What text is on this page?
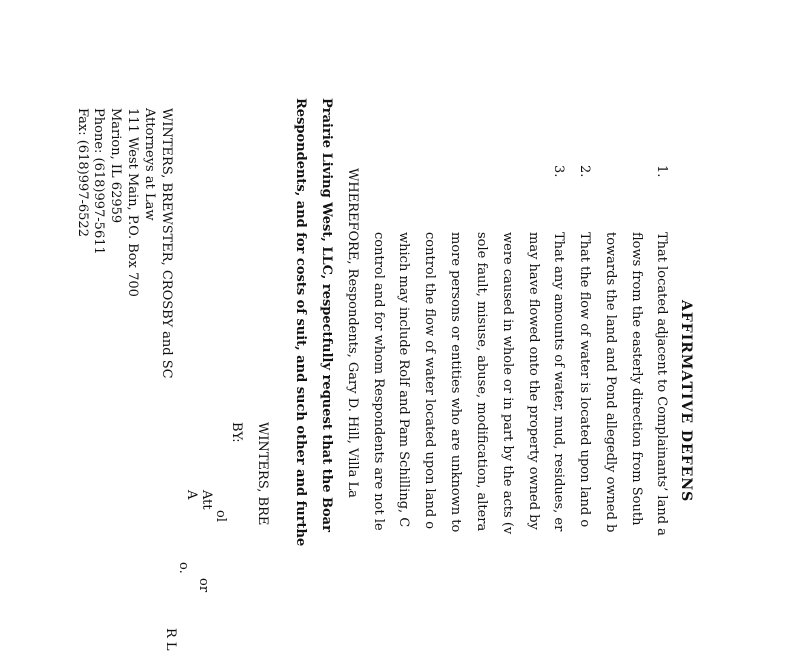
AFFIRMATIVE DEFENS
1.
That located adjacent to Complainants’ land a
flows from the easterly direction from South
towards the land and Pond allegedly owned b
2.
That the flow of water is located upon land o
3.
That any amounts of water, mud, residues, er
may have flowed onto the property owned by
were caused in whole or in part by the acts (v
sole fault, misuse, abuse, modification, altera
more persons or entities who are unknown to
control the flow of water located upon land o
which may include Rolf and Pam Schilling, C
control and for whom Respondents are not le
WHEREFORE, Respondents, Gary D. Hill, Villa La
Prairie Living West, LLC, respectfully request that the Boar
Respondents, and for costs of suit, and such other and furthe
WINTERS, BRE
BY:
ol
Att
A
o.
or
R L
WINTERS, BREWSTER, CROSBY and SC
Attorneys at Law
111 West Main, P.O. Box 700
Marion, IL 62959
Phone: (618)997-5611
Fax: (618)997-6522
